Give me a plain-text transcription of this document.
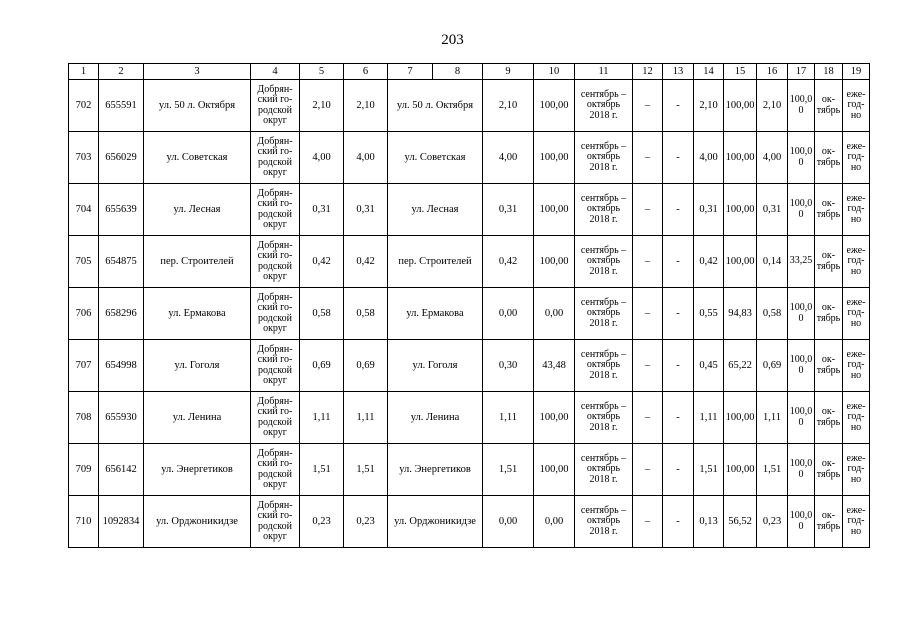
203
1	2	3	4	5	6	7	8	9	10	11	12	13	14	15	16	17	18	19
702	655591	ул. 50 л. Октября	Добрян-ский го-родской округ	2,10	2,10	ул. 50 л. Октября		2,10	100,00	сентябрь – октябрь 2018 г.	–	-	2,10	100,00	2,10	100,0 0	ок-тябрь	еже-год-но
703	656029	ул. Советская	Добрян-ский го-родской округ	4,00	4,00	ул. Советская		4,00	100,00	сентябрь – октябрь 2018 г.	–	-	4,00	100,00	4,00	100,0 0	ок-тябрь	еже-год-но
704	655639	ул. Лесная	Добрян-ский го-родской округ	0,31	0,31	ул. Лесная		0,31	100,00	сентябрь – октябрь 2018 г.	–	-	0,31	100,00	0,31	100,0 0	ок-тябрь	еже-год-но
705	654875	пер. Строителей	Добрян-ский го-родской округ	0,42	0,42	пер. Строителей		0,42	100,00	сентябрь – октябрь 2018 г.	–	-	0,42	100,00	0,14	33,25	ок-тябрь	еже-год-но
706	658296	ул. Ермакова	Добрян-ский го-родской округ	0,58	0,58	ул. Ермакова		0,00	0,00	сентябрь – октябрь 2018 г.	–	-	0,55	94,83	0,58	100,0 0	ок-тябрь	еже-год-но
707	654998	ул. Гоголя	Добрян-ский го-родской округ	0,69	0,69	ул. Гоголя		0,30	43,48	сентябрь – октябрь 2018 г.	–	-	0,45	65,22	0,69	100,0 0	ок-тябрь	еже-год-но
708	655930	ул. Ленина	Добрян-ский го-родской округ	1,11	1,11	ул. Ленина		1,11	100,00	сентябрь – октябрь 2018 г.	–	-	1,11	100,00	1,11	100,0 0	ок-тябрь	еже-год-но
709	656142	ул. Энергетиков	Добрян-ский го-родской округ	1,51	1,51	ул. Энергетиков		1,51	100,00	сентябрь – октябрь 2018 г.	–	-	1,51	100,00	1,51	100,0 0	ок-тябрь	еже-год-но
710	1092834	ул. Орджоникидзе	Добрян-ский го-родской округ	0,23	0,23	ул. Орджоникидзе		0,00	0,00	сентябрь – октябрь 2018 г.	–	-	0,13	56,52	0,23	100,0 0	ок-тябрь	еже-год-но
